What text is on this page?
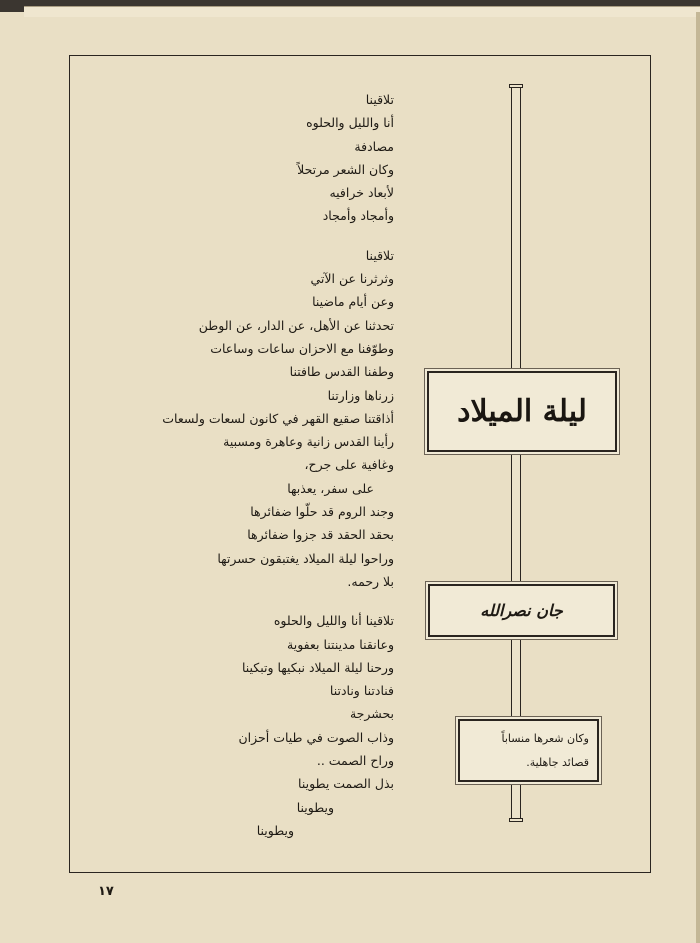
تلاقينا
أنا والليل والحلوه
مصادفة
وكان الشعر مرتحلاً
لأبعاد خرافيه
وأمجاد وأمجاد
تلاقينا
وثرثرنا عن الآتي
وعن أيام ماضينا
تحدثنا عن الأهل، عن الدار، عن الوطن
وطوّفنا مع الاحزان ساعات وساعات
وطفنا القدس طافتنا
زرناها وزارتنا
أذاقتنا صقيع القهر في كانون لسعات ولسعات
رأينا القدس زانية وعاهرة ومسبية
وغافية على جرح،
على سفر، يعذبها
وجند الروم قد حلّوا ضفائرها
بحقد الحقد قد جزوا ضفائرها
وراحوا ليلة الميلاد يغتبقون حسرتها
بلا رحمه.
تلاقينا أنا والليل والحلوه
وعانقنا مدينتنا بعفوية
ورحنا ليلة الميلاد نبكيها وتبكينا
فنادتنا ونادتنا
بحشرجة
وذاب الصوت في طيات أحزان
وراح الصمت ..
بذل الصمت يطوينا
ويطوينا
ويطوينا
ليلة الميلاد
جان نصرالله
وكان شعرها منساباً
قصائد جاهلية.
١٧
